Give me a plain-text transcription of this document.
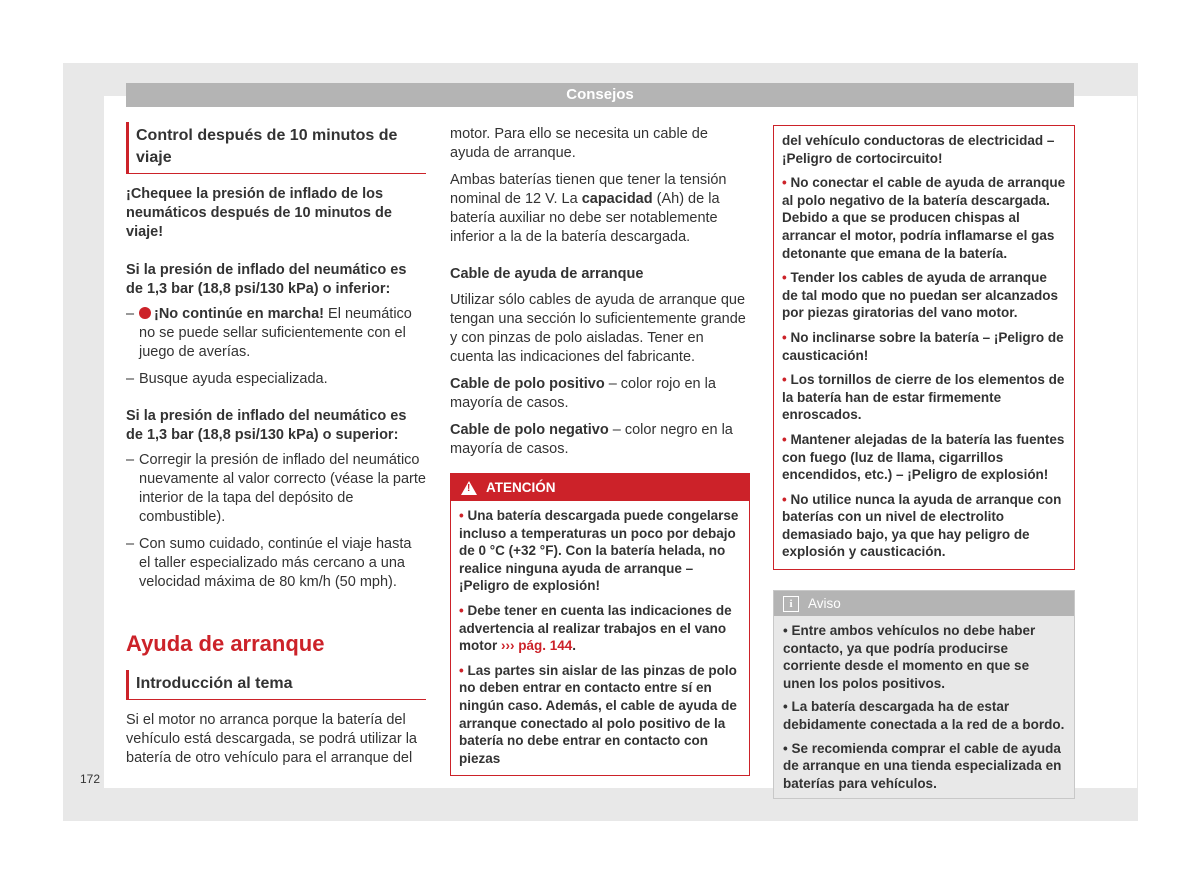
Consejos
Control después de 10 minutos de viaje

¡Chequee la presión de inflado de los neumáticos después de 10 minutos de viaje!

Si la presión de inflado del neumático es de 1,3 bar (18,8 psi/130 kPa) o inferior:

–	¡No continúe en marcha! El neumático no se puede sellar suficientemente con el juego de averías.
– Busque ayuda especializada.

Si la presión de inflado del neumático es de 1,3 bar (18,8 psi/130 kPa) o superior:

– Corregir la presión de inflado del neumático nuevamente al valor correcto (véase la parte interior de la tapa del depósito de combustible).
– Con sumo cuidado, continúe el viaje hasta el taller especializado más cercano a una velocidad máxima de 80 km/h (50 mph).
Ayuda de arranque
Introducción al tema

Si el motor no arranca porque la batería del vehículo está descargada, se podrá utilizar la batería de otro vehículo para el arranque del

motor. Para ello se necesita un cable de ayuda de arranque.

Ambas baterías tienen que tener la tensión nominal de 12 V. La capacidad (Ah) de la batería auxiliar no debe ser notablemente inferior a la de la batería descargada.

Cable de ayuda de arranque

Utilizar sólo cables de ayuda de arranque que tengan una sección lo suficientemente grande y con pinzas de polo aisladas. Tener en cuenta las indicaciones del fabricante.

Cable de polo positivo – color rojo en la mayoría de casos.

Cable de polo negativo – color negro en la mayoría de casos.

! ATENCIÓN
• Una batería descargada puede congelarse incluso a temperaturas un poco por debajo de 0 °C (+32 °F). Con la batería helada, no realice ninguna ayuda de arranque – ¡Peligro de explosión!
• Debe tener en cuenta las indicaciones de advertencia al realizar trabajos en el vano motor ››› pág. 144.
• Las partes sin aislar de las pinzas de polo no deben entrar en contacto entre sí en ningún caso. Además, el cable de ayuda de arranque conectado al polo positivo de la batería no debe entrar en contacto con piezas
del vehículo conductoras de electricidad – ¡Peligro de cortocircuito!
• No conectar el cable de ayuda de arranque al polo negativo de la batería descargada. Debido a que se producen chispas al arrancar el motor, podría inflamarse el gas detonante que emana de la batería.
• Tender los cables de ayuda de arranque de tal modo que no puedan ser alcanzados por piezas giratorias del vano motor.
• No inclinarse sobre la batería – ¡Peligro de causticación!
• Los tornillos de cierre de los elementos de la batería han de estar firmemente enroscados.
• Mantener alejadas de la batería las fuentes con fuego (luz de llama, cigarrillos encendidos, etc.) – ¡Peligro de explosión!
• No utilice nunca la ayuda de arranque con baterías con un nivel de electrolito demasiado bajo, ya que hay peligro de explosión y causticación.
i	Aviso
• Entre ambos vehículos no debe haber contacto, ya que podría producirse corriente desde el momento en que se unen los polos positivos.
• La batería descargada ha de estar debidamente conectada a la red de a bordo.
• Se recomienda comprar el cable de ayuda de arranque en una tienda especializada en baterías para vehículos.
172
